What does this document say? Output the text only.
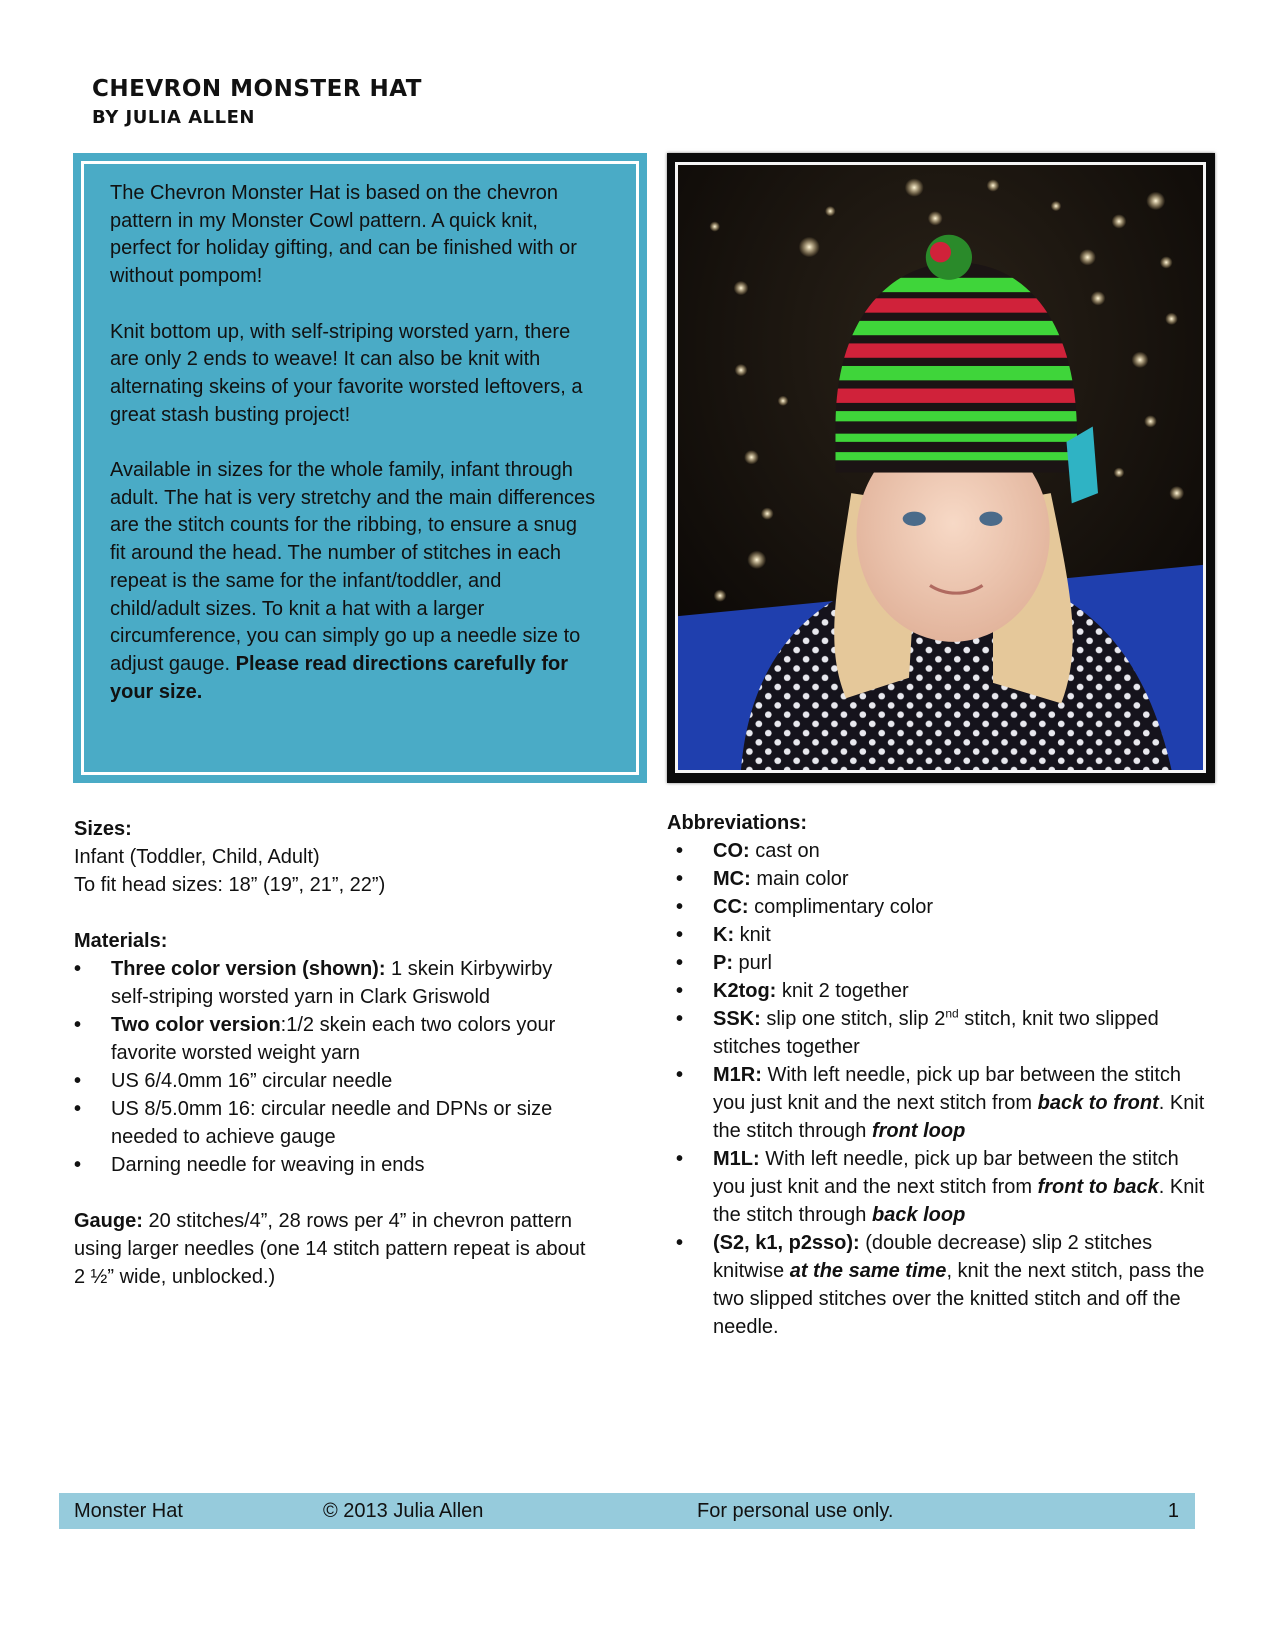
CHEVRON MONSTER HAT
BY JULIA ALLEN

The Chevron Monster Hat is based on the chevron pattern in my Monster Cowl pattern. A quick knit, perfect for holiday gifting, and can be finished with or without pompom!

Knit bottom up, with self-striping worsted yarn, there are only 2 ends to weave! It can also be knit with alternating skeins of your favorite worsted leftovers, a great stash busting project!

Available in sizes for the whole family, infant through adult. The hat is very stretchy and the main differences are the stitch counts for the ribbing, to ensure a snug fit around the head. The number of stitches in each repeat is the same for the infant/toddler, and child/adult sizes. To knit a hat with a larger circumference, you can simply go up a needle size to adjust gauge. Please read directions carefully for your size.

Sizes:
Infant (Toddler, Child, Adult)
To fit head sizes: 18” (19”, 21”, 22”)
Materials:
• Three color version (shown): 1 skein Kirbywirby self-striping worsted yarn in Clark Griswold
• Two color version:1/2 skein each two colors your favorite worsted weight yarn
• US 6/4.0mm 16” circular needle
• US 8/5.0mm 16: circular needle and DPNs or size needed to achieve gauge
• Darning needle for weaving in ends
Gauge: 20 stitches/4”, 28 rows per 4” in chevron pattern using larger needles (one 14 stitch pattern repeat is about 2 ½” wide, unblocked.)
Abbreviations:
• CO: cast on
• MC: main color
• CC: complimentary color
• K: knit
• P: purl
• K2tog: knit 2 together
• SSK: slip one stitch, slip 2nd stitch, knit two slipped stitches together
• M1R: With left needle, pick up bar between the stitch you just knit and the next stitch from back to front. Knit the stitch through front loop
• M1L: With left needle, pick up bar between the stitch you just knit and the next stitch from front to back. Knit the stitch through back loop
• (S2, k1, p2sso): (double decrease) slip 2 stitches knitwise at the same time, knit the next stitch, pass the two slipped stitches over the knitted stitch and off the needle.
Monster Hat	© 2013 Julia Allen	For personal use only.	1
